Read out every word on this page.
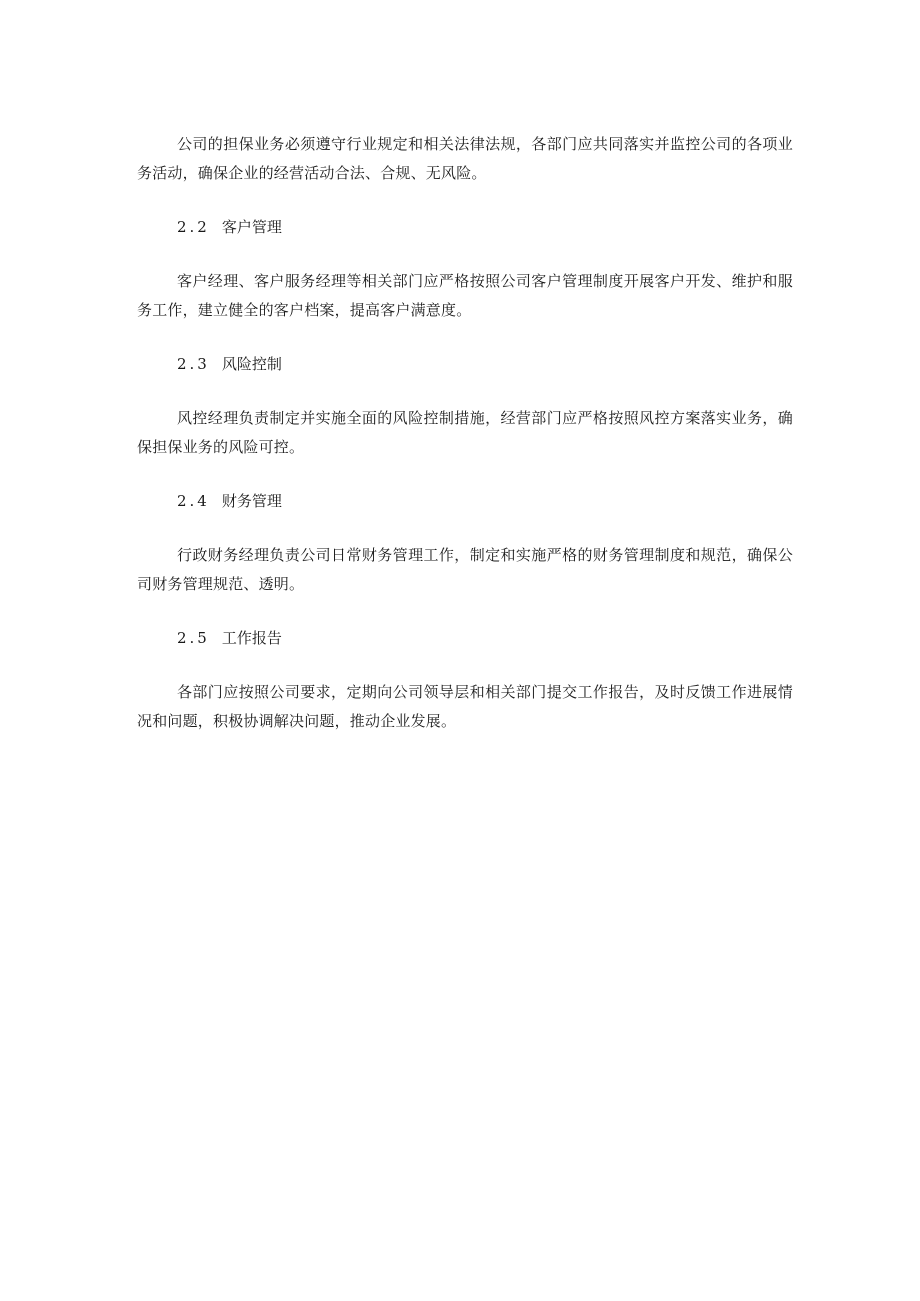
公司的担保业务必须遵守行业规定和相关法律法规，各部门应共同落实并监控公司的各项业务活动，确保企业的经营活动合法、合规、无风险。

2.2 客户管理

客户经理、客户服务经理等相关部门应严格按照公司客户管理制度开展客户开发、维护和服务工作，建立健全的客户档案，提高客户满意度。

2.3 风险控制

风控经理负责制定并实施全面的风险控制措施，经营部门应严格按照风控方案落实业务，确保担保业务的风险可控。

2.4 财务管理

行政财务经理负责公司日常财务管理工作，制定和实施严格的财务管理制度和规范，确保公司财务管理规范、透明。

2.5 工作报告

各部门应按照公司要求，定期向公司领导层和相关部门提交工作报告，及时反馈工作进展情况和问题，积极协调解决问题，推动企业发展。
